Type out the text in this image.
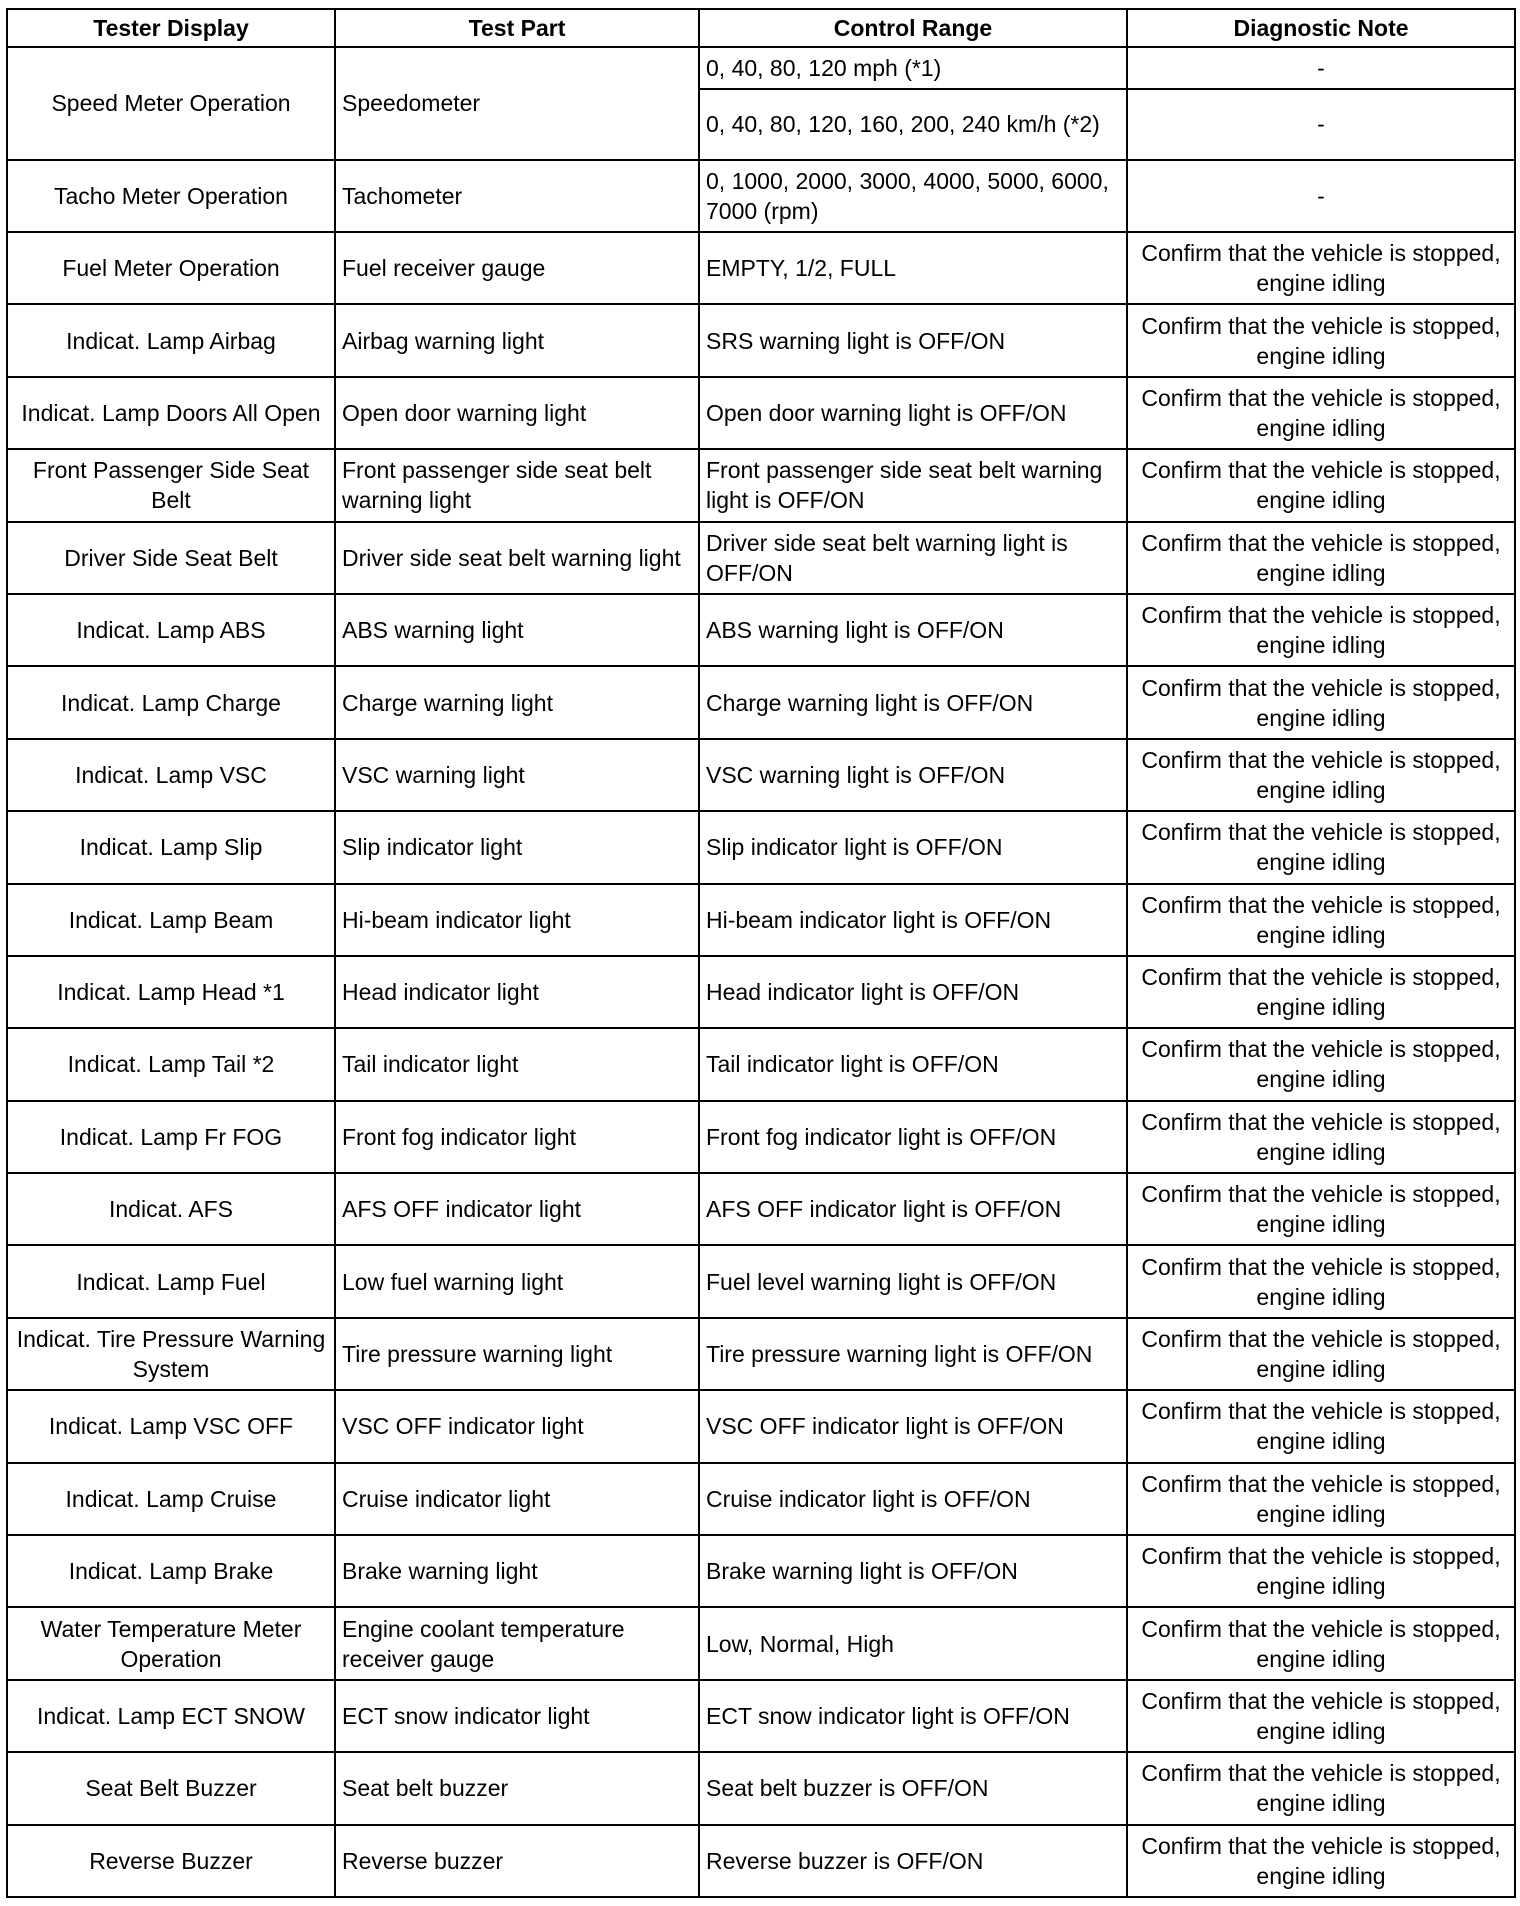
Tester Display	Test Part	Control Range	Diagnostic Note
Speed Meter Operation	Speedometer	0, 40, 80, 120 mph (*1)	-
		0, 40, 80, 120, 160, 200, 240 km/h (*2)	-
Tacho Meter Operation	Tachometer	0, 1000, 2000, 3000, 4000, 5000, 6000, 7000 (rpm)	-
Fuel Meter Operation	Fuel receiver gauge	EMPTY, 1/2, FULL	Confirm that the vehicle is stopped, engine idling
Indicat. Lamp Airbag	Airbag warning light	SRS warning light is OFF/ON	Confirm that the vehicle is stopped, engine idling
Indicat. Lamp Doors All Open	Open door warning light	Open door warning light is OFF/ON	Confirm that the vehicle is stopped, engine idling
Front Passenger Side Seat Belt	Front passenger side seat belt warning light	Front passenger side seat belt warning light is OFF/ON	Confirm that the vehicle is stopped, engine idling
Driver Side Seat Belt	Driver side seat belt warning light	Driver side seat belt warning light is OFF/ON	Confirm that the vehicle is stopped, engine idling
Indicat. Lamp ABS	ABS warning light	ABS warning light is OFF/ON	Confirm that the vehicle is stopped, engine idling
Indicat. Lamp Charge	Charge warning light	Charge warning light is OFF/ON	Confirm that the vehicle is stopped, engine idling
Indicat. Lamp VSC	VSC warning light	VSC warning light is OFF/ON	Confirm that the vehicle is stopped, engine idling
Indicat. Lamp Slip	Slip indicator light	Slip indicator light is OFF/ON	Confirm that the vehicle is stopped, engine idling
Indicat. Lamp Beam	Hi-beam indicator light	Hi-beam indicator light is OFF/ON	Confirm that the vehicle is stopped, engine idling
Indicat. Lamp Head *1	Head indicator light	Head indicator light is OFF/ON	Confirm that the vehicle is stopped, engine idling
Indicat. Lamp Tail *2	Tail indicator light	Tail indicator light is OFF/ON	Confirm that the vehicle is stopped, engine idling
Indicat. Lamp Fr FOG	Front fog indicator light	Front fog indicator light is OFF/ON	Confirm that the vehicle is stopped, engine idling
Indicat. AFS	AFS OFF indicator light	AFS OFF indicator light is OFF/ON	Confirm that the vehicle is stopped, engine idling
Indicat. Lamp Fuel	Low fuel warning light	Fuel level warning light is OFF/ON	Confirm that the vehicle is stopped, engine idling
Indicat. Tire Pressure Warning System	Tire pressure warning light	Tire pressure warning light is OFF/ON	Confirm that the vehicle is stopped, engine idling
Indicat. Lamp VSC OFF	VSC OFF indicator light	VSC OFF indicator light is OFF/ON	Confirm that the vehicle is stopped, engine idling
Indicat. Lamp Cruise	Cruise indicator light	Cruise indicator light is OFF/ON	Confirm that the vehicle is stopped, engine idling
Indicat. Lamp Brake	Brake warning light	Brake warning light is OFF/ON	Confirm that the vehicle is stopped, engine idling
Water Temperature Meter Operation	Engine coolant temperature receiver gauge	Low, Normal, High	Confirm that the vehicle is stopped, engine idling
Indicat. Lamp ECT SNOW	ECT snow indicator light	ECT snow indicator light is OFF/ON	Confirm that the vehicle is stopped, engine idling
Seat Belt Buzzer	Seat belt buzzer	Seat belt buzzer is OFF/ON	Confirm that the vehicle is stopped, engine idling
Reverse Buzzer	Reverse buzzer	Reverse buzzer is OFF/ON	Confirm that the vehicle is stopped, engine idling
